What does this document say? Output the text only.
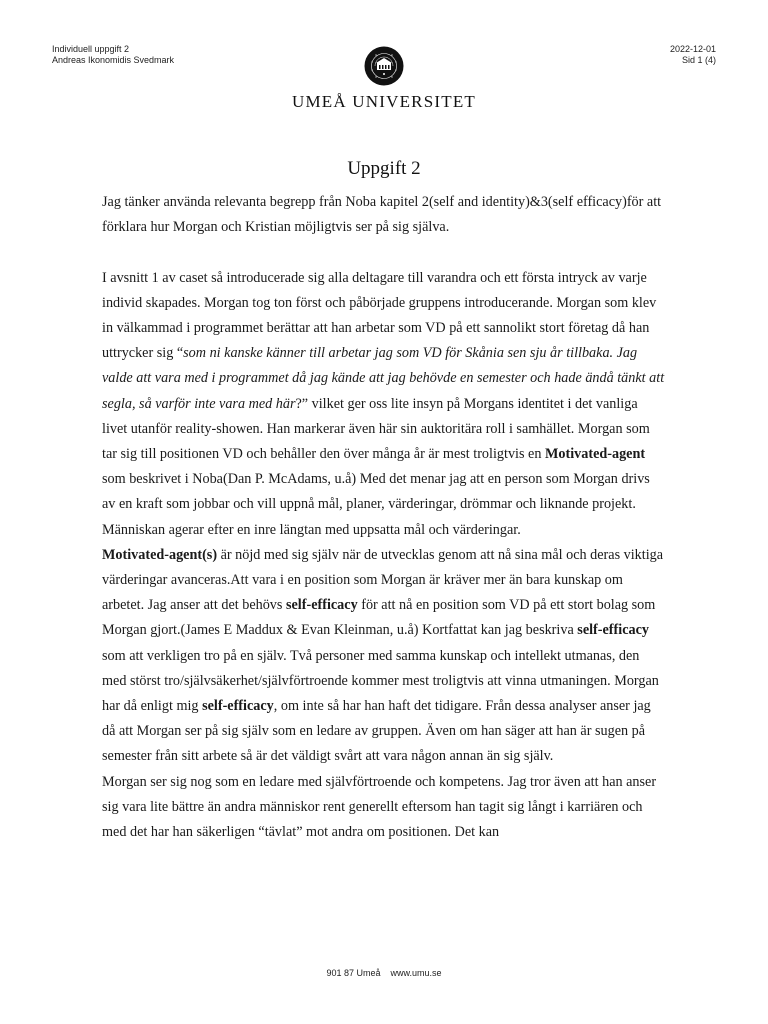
Individuell uppgift 2
Andreas Ikonomidis Svedmark
2022-12-01
Sid 1 (4)
UMEÅ UNIVERSITET
Uppgift 2

Jag tänker använda relevanta begrepp från Noba kapitel 2(self and identity)&3(self efficacy)för att förklara hur Morgan och Kristian möjligtvis ser på sig själva.

I avsnitt 1 av caset så introducerade sig alla deltagare till varandra och ett första intryck av varje individ skapades. Morgan tog ton först och påbörjade gruppens introducerande. Morgan som klev in välkammad i programmet berättar att han arbetar som VD på ett sannolikt stort företag då han uttrycker sig “som ni kanske känner till arbetar jag som VD för Skånia sen sju år tillbaka. Jag valde att vara med i programmet då jag kände att jag behövde en semester och hade ändå tänkt att segla, så varför inte vara med här?” vilket ger oss lite insyn på Morgans identitet i det vanliga livet utanför reality-showen. Han markerar även här sin auktoritära roll i samhället. Morgan som tar sig till positionen VD och behåller den över många år är mest troligtvis en Motivated-agent som beskrivet i Noba(Dan P. McAdams, u.å) Med det menar jag att en person som Morgan drivs av en kraft som jobbar och vill uppnå mål, planer, värderingar, drömmar och liknande projekt. Människan agerar efter en inre längtan med uppsatta mål och värderingar.

Motivated-agent(s) är nöjd med sig själv när de utvecklas genom att nå sina mål och deras viktiga värderingar avanceras.Att vara i en position som Morgan är kräver mer än bara kunskap om arbetet. Jag anser att det behövs self-efficacy för att nå en position som VD på ett stort bolag som Morgan gjort.(James E Maddux & Evan Kleinman, u.å) Kortfattat kan jag beskriva self-efficacy som att verkligen tro på en själv. Två personer med samma kunskap och intellekt utmanas, den med störst tro/självsäkerhet/självförtroende kommer mest troligtvis att vinna utmaningen. Morgan har då enligt mig self-efficacy, om inte så har han haft det tidigare. Från dessa analyser anser jag då att Morgan ser på sig själv som en ledare av gruppen. Även om han säger att han är sugen på semester från sitt arbete så är det väldigt svårt att vara någon annan än sig själv.

Morgan ser sig nog som en ledare med självförtroende och kompetens. Jag tror även att han anser sig vara lite bättre än andra människor rent generellt eftersom han tagit sig långt i karriären och med det har han säkerligen “tävlat” mot andra om positionen. Det kan

901 87 Umeå www.umu.se
